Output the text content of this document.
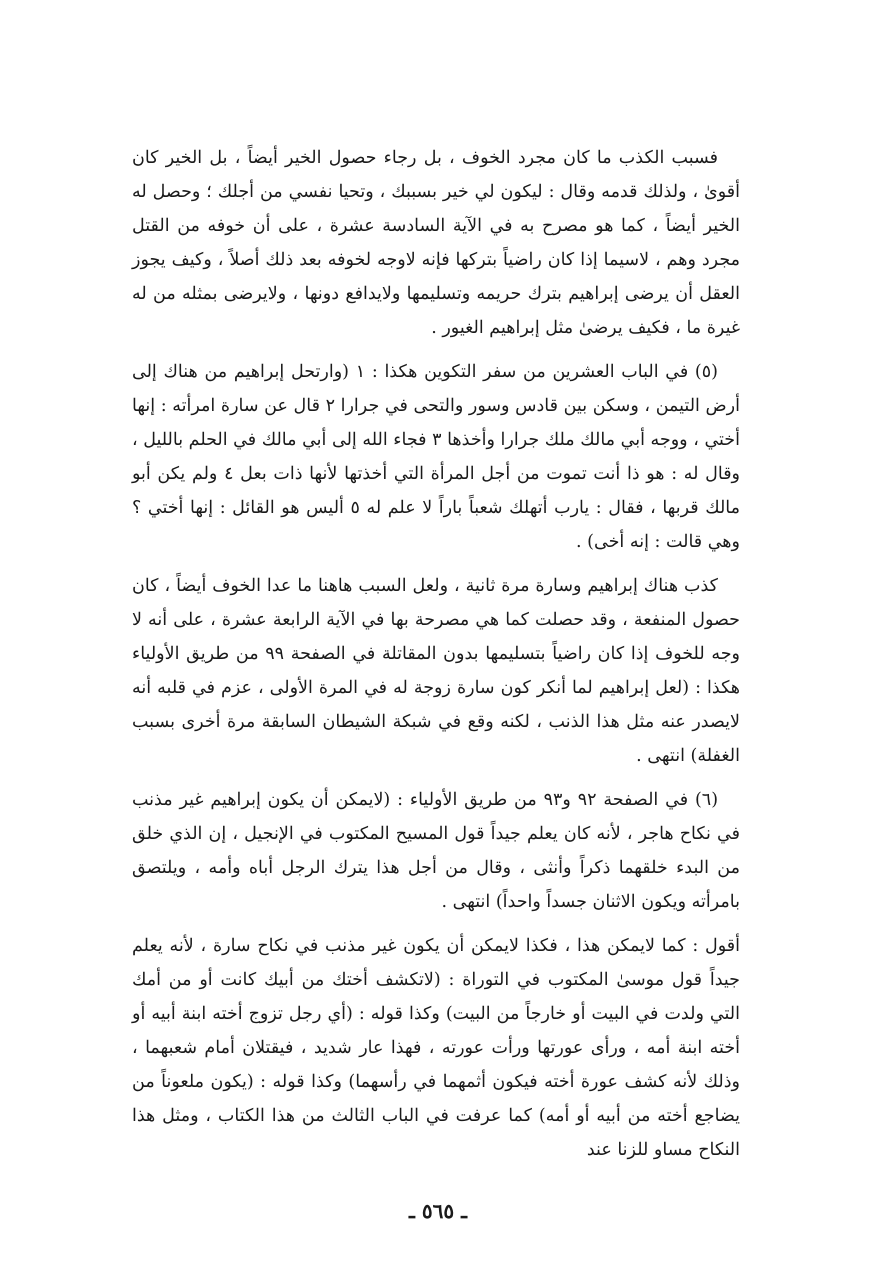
فسبب الكذب ما كان مجرد الخوف ، بل رجاء حصول الخير أيضاً ، بل الخير كان أقوىٰ ، ولذلك قدمه وقال : ليكون لي خير بسببك ، وتحيا نفسي من أجلك ؛ وحصل له الخير أيضاً ، كما هو مصرح به في الآية السادسة عشرة ، على أن خوفه من القتل مجرد وهم ، لاسيما إذا كان راضياً بتركها فإنه لاوجه لخوفه بعد ذلك أصلاً ، وكيف يجوز العقل أن يرضى إبراهيم بترك حريمه وتسليمها ولايدافع دونها ، ولايرضى بمثله من له غيرة ما ، فكيف يرضىٰ مثل إبراهيم الغيور .

(٥) في الباب العشرين من سفر التكوين هكذا : ١ (وارتحل إبراهيم من هناك إلى أرض التيمن ، وسكن بين قادس وسور والتحى في جرارا ٢ قال عن سارة امرأته : إنها أختي ، ووجه أبي مالك ملك جرارا وأخذها ٣ فجاء الله إلى أبي مالك في الحلم بالليل ، وقال له : هو ذا أنت تموت من أجل المرأة التي أخذتها لأنها ذات بعل ٤ ولم يكن أبو مالك قربها ، فقال : يارب أتهلك شعباً باراً لا علم له ٥ أليس هو القائل : إنها أختي ؟ وهي قالت : إنه أخى) .

كذب هناك إبراهيم وسارة مرة ثانية ، ولعل السبب هاهنا ما عدا الخوف أيضاً ، كان حصول المنفعة ، وقد حصلت كما هي مصرحة بها في الآية الرابعة عشرة ، على أنه لا وجه للخوف إذا كان راضياً بتسليمها بدون المقاتلة في الصفحة ٩٩ من طريق الأولياء هكذا : (لعل إبراهيم لما أنكر كون سارة زوجة له في المرة الأولى ، عزم في قلبه أنه لايصدر عنه مثل هذا الذنب ، لكنه وقع في شبكة الشيطان السابقة مرة أخرى بسبب الغفلة) انتهى .

(٦) في الصفحة ٩٢ و٩٣ من طريق الأولياء : (لايمكن أن يكون إبراهيم غير مذنب في نكاح هاجر ، لأنه كان يعلم جيداً قول المسيح المكتوب في الإنجيل ، إن الذي خلق من البدء خلقهما ذكراً وأنثى ، وقال من أجل هذا يترك الرجل أباه وأمه ، ويلتصق بامرأته ويكون الاثنان جسداً واحداً) انتهى .

أقول : كما لايمكن هذا ، فكذا لايمكن أن يكون غير مذنب في نكاح سارة ، لأنه يعلم جيداً قول موسىٰ المكتوب في التوراة : (لاتكشف أختك من أبيك كانت أو من أمك التي ولدت في البيت أو خارجاً من البيت) وكذا قوله : (أي رجل تزوج أخته ابنة أبيه أو أخته ابنة أمه ، ورأى عورتها ورأت عورته ، فهذا عار شديد ، فيقتلان أمام شعبهما ، وذلك لأنه كشف عورة أخته فيكون أثمهما في رأسهما) وكذا قوله : (يكون ملعوناً من يضاجع أخته من أبيه أو أمه) كما عرفت في الباب الثالث من هذا الكتاب ، ومثل هذا النكاح مساو للزنا عند

ـ ٥٦٥ ـ
